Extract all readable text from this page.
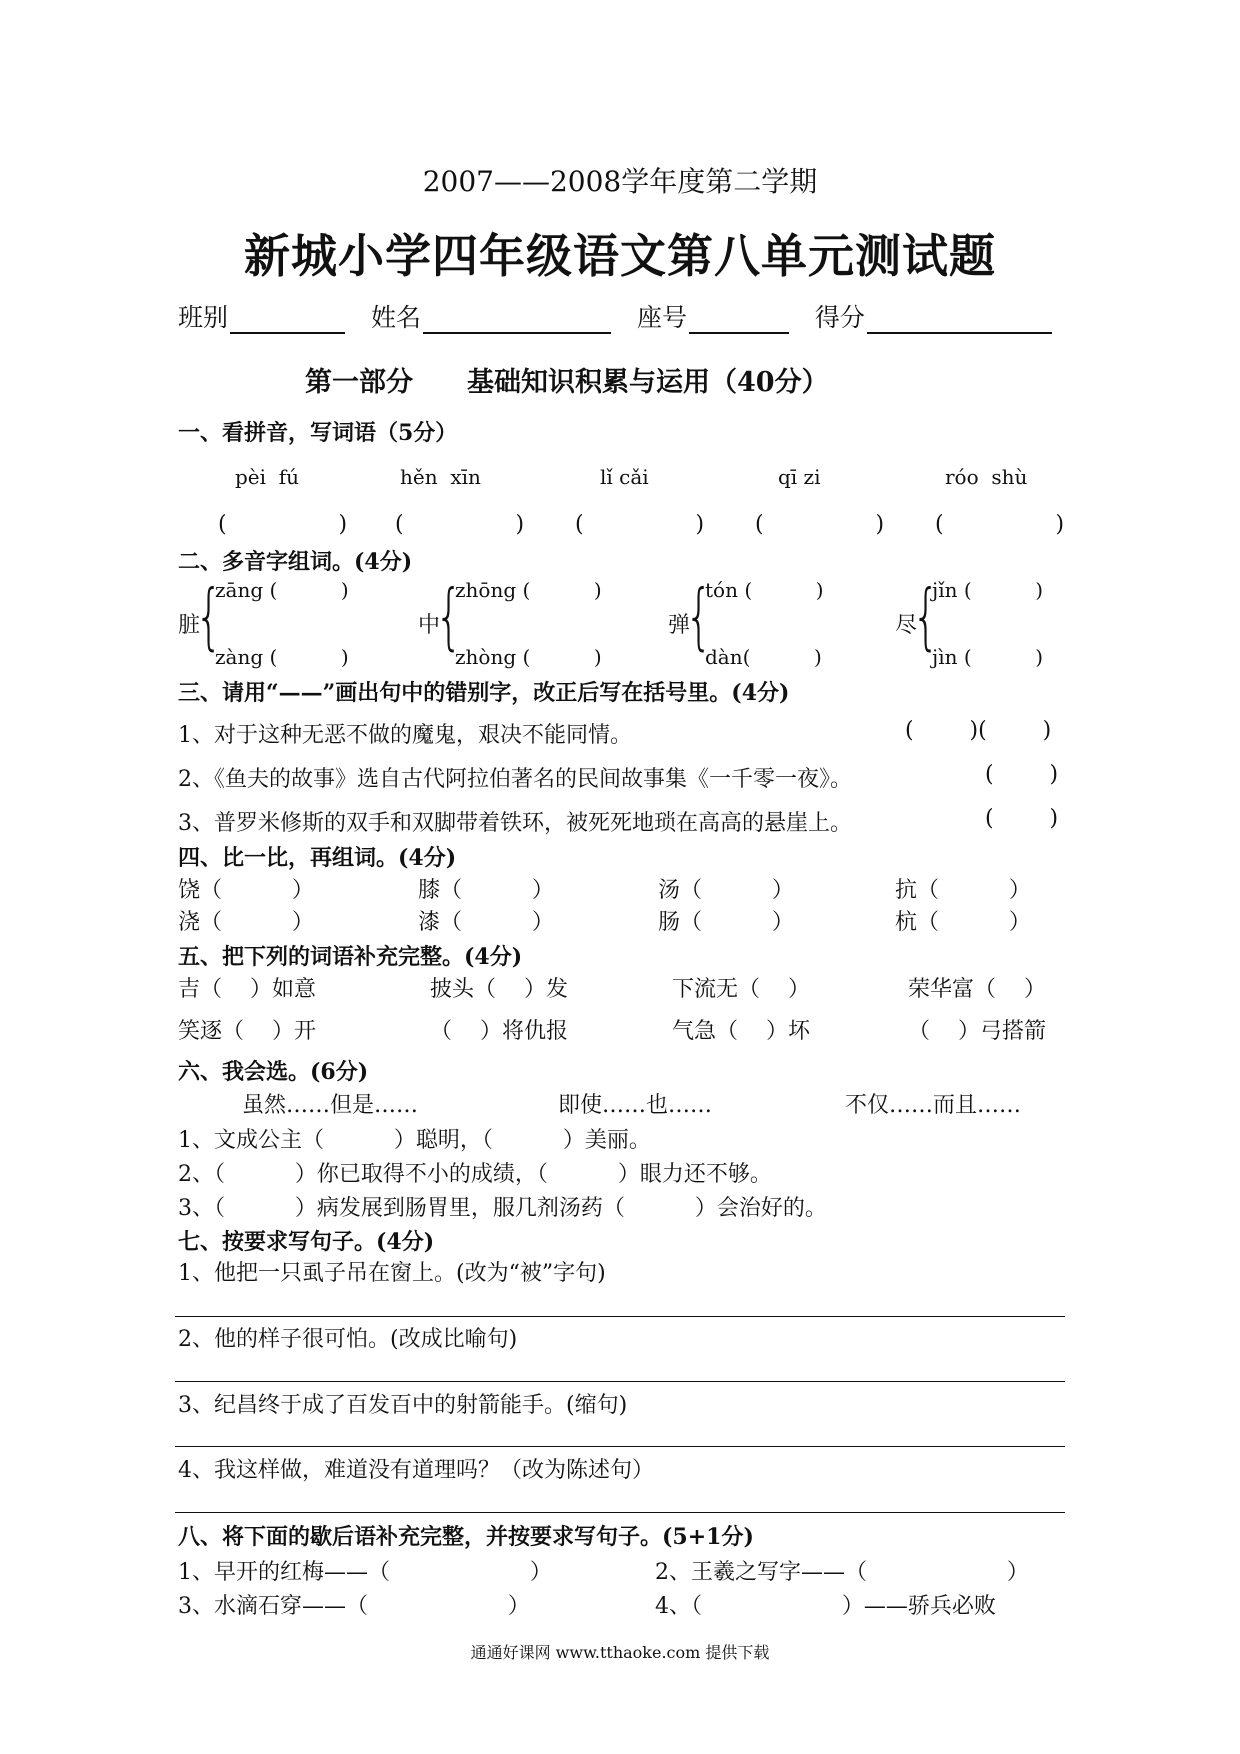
2007——2008学年度第二学期
新城小学四年级语文第八单元测试题
班别	姓名	座号	得分
第一部分　　基础知识积累与运用（40分）
一、看拼音，写词语（5分）
pèi  fú	hěn  xīn	lǐ cǎi	qī zi	róo  shù
(                ) (                ) (                ) (                ) (                )
二、多音字组词。(4分)
脏
{
zāng (          )
zàng (          )
中
{
zhōng (          )
zhòng (          )
弹
{
tón (          )
dàn(          )
尽
{
jǐn (          )
jìn (          )
三、请用“——”画出句中的错别字，改正后写在括号里。(4分)
1、对于这种无恶不做的魔鬼，艰决不能同情。	(        )(        )
2、《鱼夫的故事》选自古代阿拉伯著名的民间故事集《一千零一夜》。	(        )
3、普罗米修斯的双手和双脚带着铁环，被死死地琐在高高的悬崖上。	(        )
四、比一比，再组词。(4分)
饶（          ）	膝（          ）	汤（          ）	抗（          ）
浇（          ）	漆（          ）	肠（          ）	杭（          ）
五、把下列的词语补充完整。(4分)
吉（    ）如意	披头（    ）发	下流无（    ）	荣华富（    ）
笑逐（    ）开	（    ）将仇报	气急（    ）坏	（    ）弓搭箭
六、我会选。(6分)
虽然……但是……	即使……也……	不仅……而且……
1、文成公主（          ）聪明，（          ）美丽。
2、（          ）你已取得不小的成绩，（          ）眼力还不够。
3、（          ）病发展到肠胃里，服几剂汤药（          ）会治好的。
七、按要求写句子。(4分)
1、他把一只虱子吊在窗上。(改为“被”字句)
2、他的样子很可怕。(改成比喻句)
3、纪昌终于成了百发百中的射箭能手。(缩句)
4、我这样做，难道没有道理吗？（改为陈述句）
八、将下面的歇后语补充完整，并按要求写句子。(5+1分)
1、早开的红梅——（                    ）	2、王羲之写字——（                    ）
3、水滴石穿——（                    ）	4、（                    ）——骄兵必败
通通好课网 www.tthaoke.com 提供下载
